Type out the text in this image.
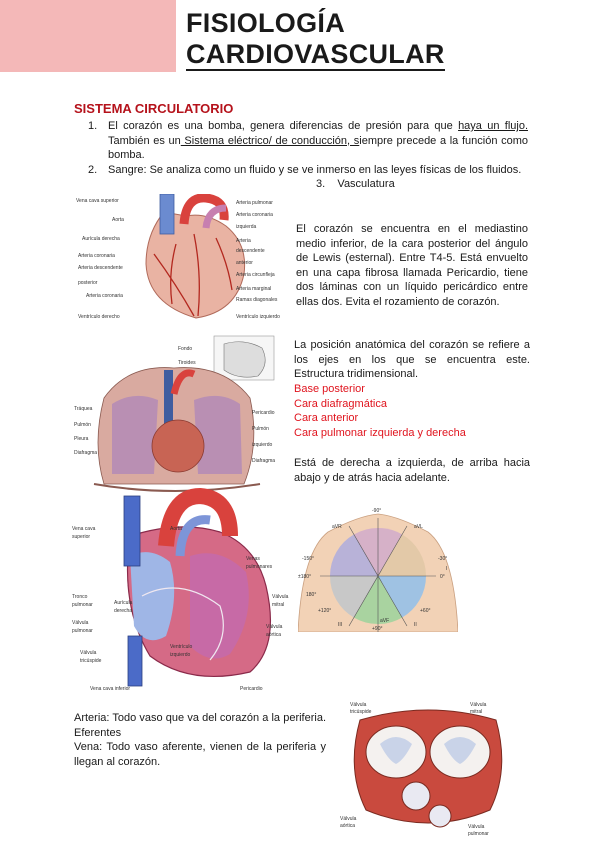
FISIOLOGÍA
CARDIOVASCULAR
SISTEMA CIRCULATORIO
1. El corazón es una bomba, genera diferencias de presión para que haya un flujo. También es un Sistema eléctrico/ de conducción, siempre precede a la función como bomba.
2. Sangre: Se analiza como un fluido y se ve inmerso en las leyes físicas de los fluidos.
3. Vasculatura
Vena cava superior
Aorta
Aurícula derecha
Arteria coronaria
Arteria descendente
posterior
Arteria coronaria
Ventrículo derecho
Arteria pulmonar
Arteria coronaria
izquierda
Arteria
descendente
anterior
Arteria circunfleja
Arteria marginal
Ramas diagonales
Ventrículo izquierdo
El corazón se encuentra en el mediastino medio inferior, de la cara posterior del ángulo de Lewis (esternal). Entre T4-5. Está envuelto en una capa fibrosa llamada Pericardio, tiene dos láminas con un líquido pericárdico entre ellas dos. Evita el rozamiento de corazón.
Fondo
Tiroides
Tráquea
Pulmón
Pleura
Diafragma
Pericardio
Pulmón
izquierdo
Diafragma
La posición anatómica del corazón se refiere a los ejes en los que se encuentra este. Estructura tridimensional.
Base posterior
Cara diafragmática
Cara anterior
Cara pulmonar izquierda y derecha
Está de derecha a izquierda, de arriba hacia abajo y de atrás hacia adelante.
Vena cava
superior
Tronco
pulmonar
Válvula
pulmonar
Válvula
tricúspide
Aurícula
derecha
Ventrículo
izquierdo
Aorta
Venas
pulmonares
Válvula
mitral
Válvula
aórtica
Vena cava inferior	Pericardio
-90°
aVR	aVL
-150°	-30°
±180°	0°
I
180°
+120°	+60°
III	II
+90°
aVF
Arteria: Todo vaso que va del corazón a la periferia. Eferentes
Vena: Todo vaso aferente, vienen de la periferia y llegan al corazón.
Válvula
tricúspide
Válvula
mitral
Válvula
aórtica	Válvula
pulmonar
